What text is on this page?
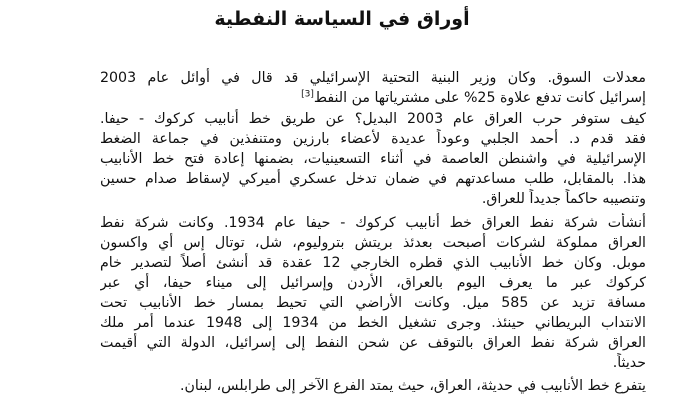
أوراق في السياسة النفطية
معدلات السوق. وكان وزير البنية التحتية الإسرائيلي قد قال في أوائل عام 2003
إسرائيل كانت تدفع علاوة 25% على مشترياتها من النفط[3]
كيف ستوفر حرب العراق عام 2003 البديل؟ عن طريق خط أنابيب كركوك - حيفا.
فقد قدم د. أحمد الجلبي وعوداً عديدة لأعضاء بارزين ومتنفذين في جماعة الضغط
الإسرائيلية في واشنطن العاصمة في أثناء التسعينيات، بضمنها إعادة فتح خط الأنابيب
هذا. بالمقابل، طلب مساعدتهم في ضمان تدخل عسكري أميركي لإسقاط صدام حسين
وتنصيبه حاكماً جديداً للعراق.
أنشأت شركة نفط العراق خط أنابيب كركوك - حيفا عام 1934. وكانت شركة نفط
العراق مملوكة لشركات أصبحت بعدئذ بريتش بتروليوم، شل، توتال إس أي واكسون
موبل. وكان خط الأنابيب الذي قطره الخارجي 12 عقدة قد أنشئ أصلاً لتصدير خام
كركوك عبر ما يعرف اليوم بالعراق، الأردن وإسرائيل إلى ميناء حيفا، أي عبر
مسافة تزيد عن 585 ميل. وكانت الأراضي التي تحيط بمسار خط الأنابيب تحت
الانتداب البريطاني حينئذ. وجرى تشغيل الخط من 1934 إلى 1948 عندما أمر ملك
العراق شركة نفط العراق بالتوقف عن شحن النفط إلى إسرائيل، الدولة التي أقيمت
حديثاً.
يتفرع خط الأنابيب في حديثة، العراق، حيث يمتد الفرع الآخر إلى طرابلس، لبنان.
